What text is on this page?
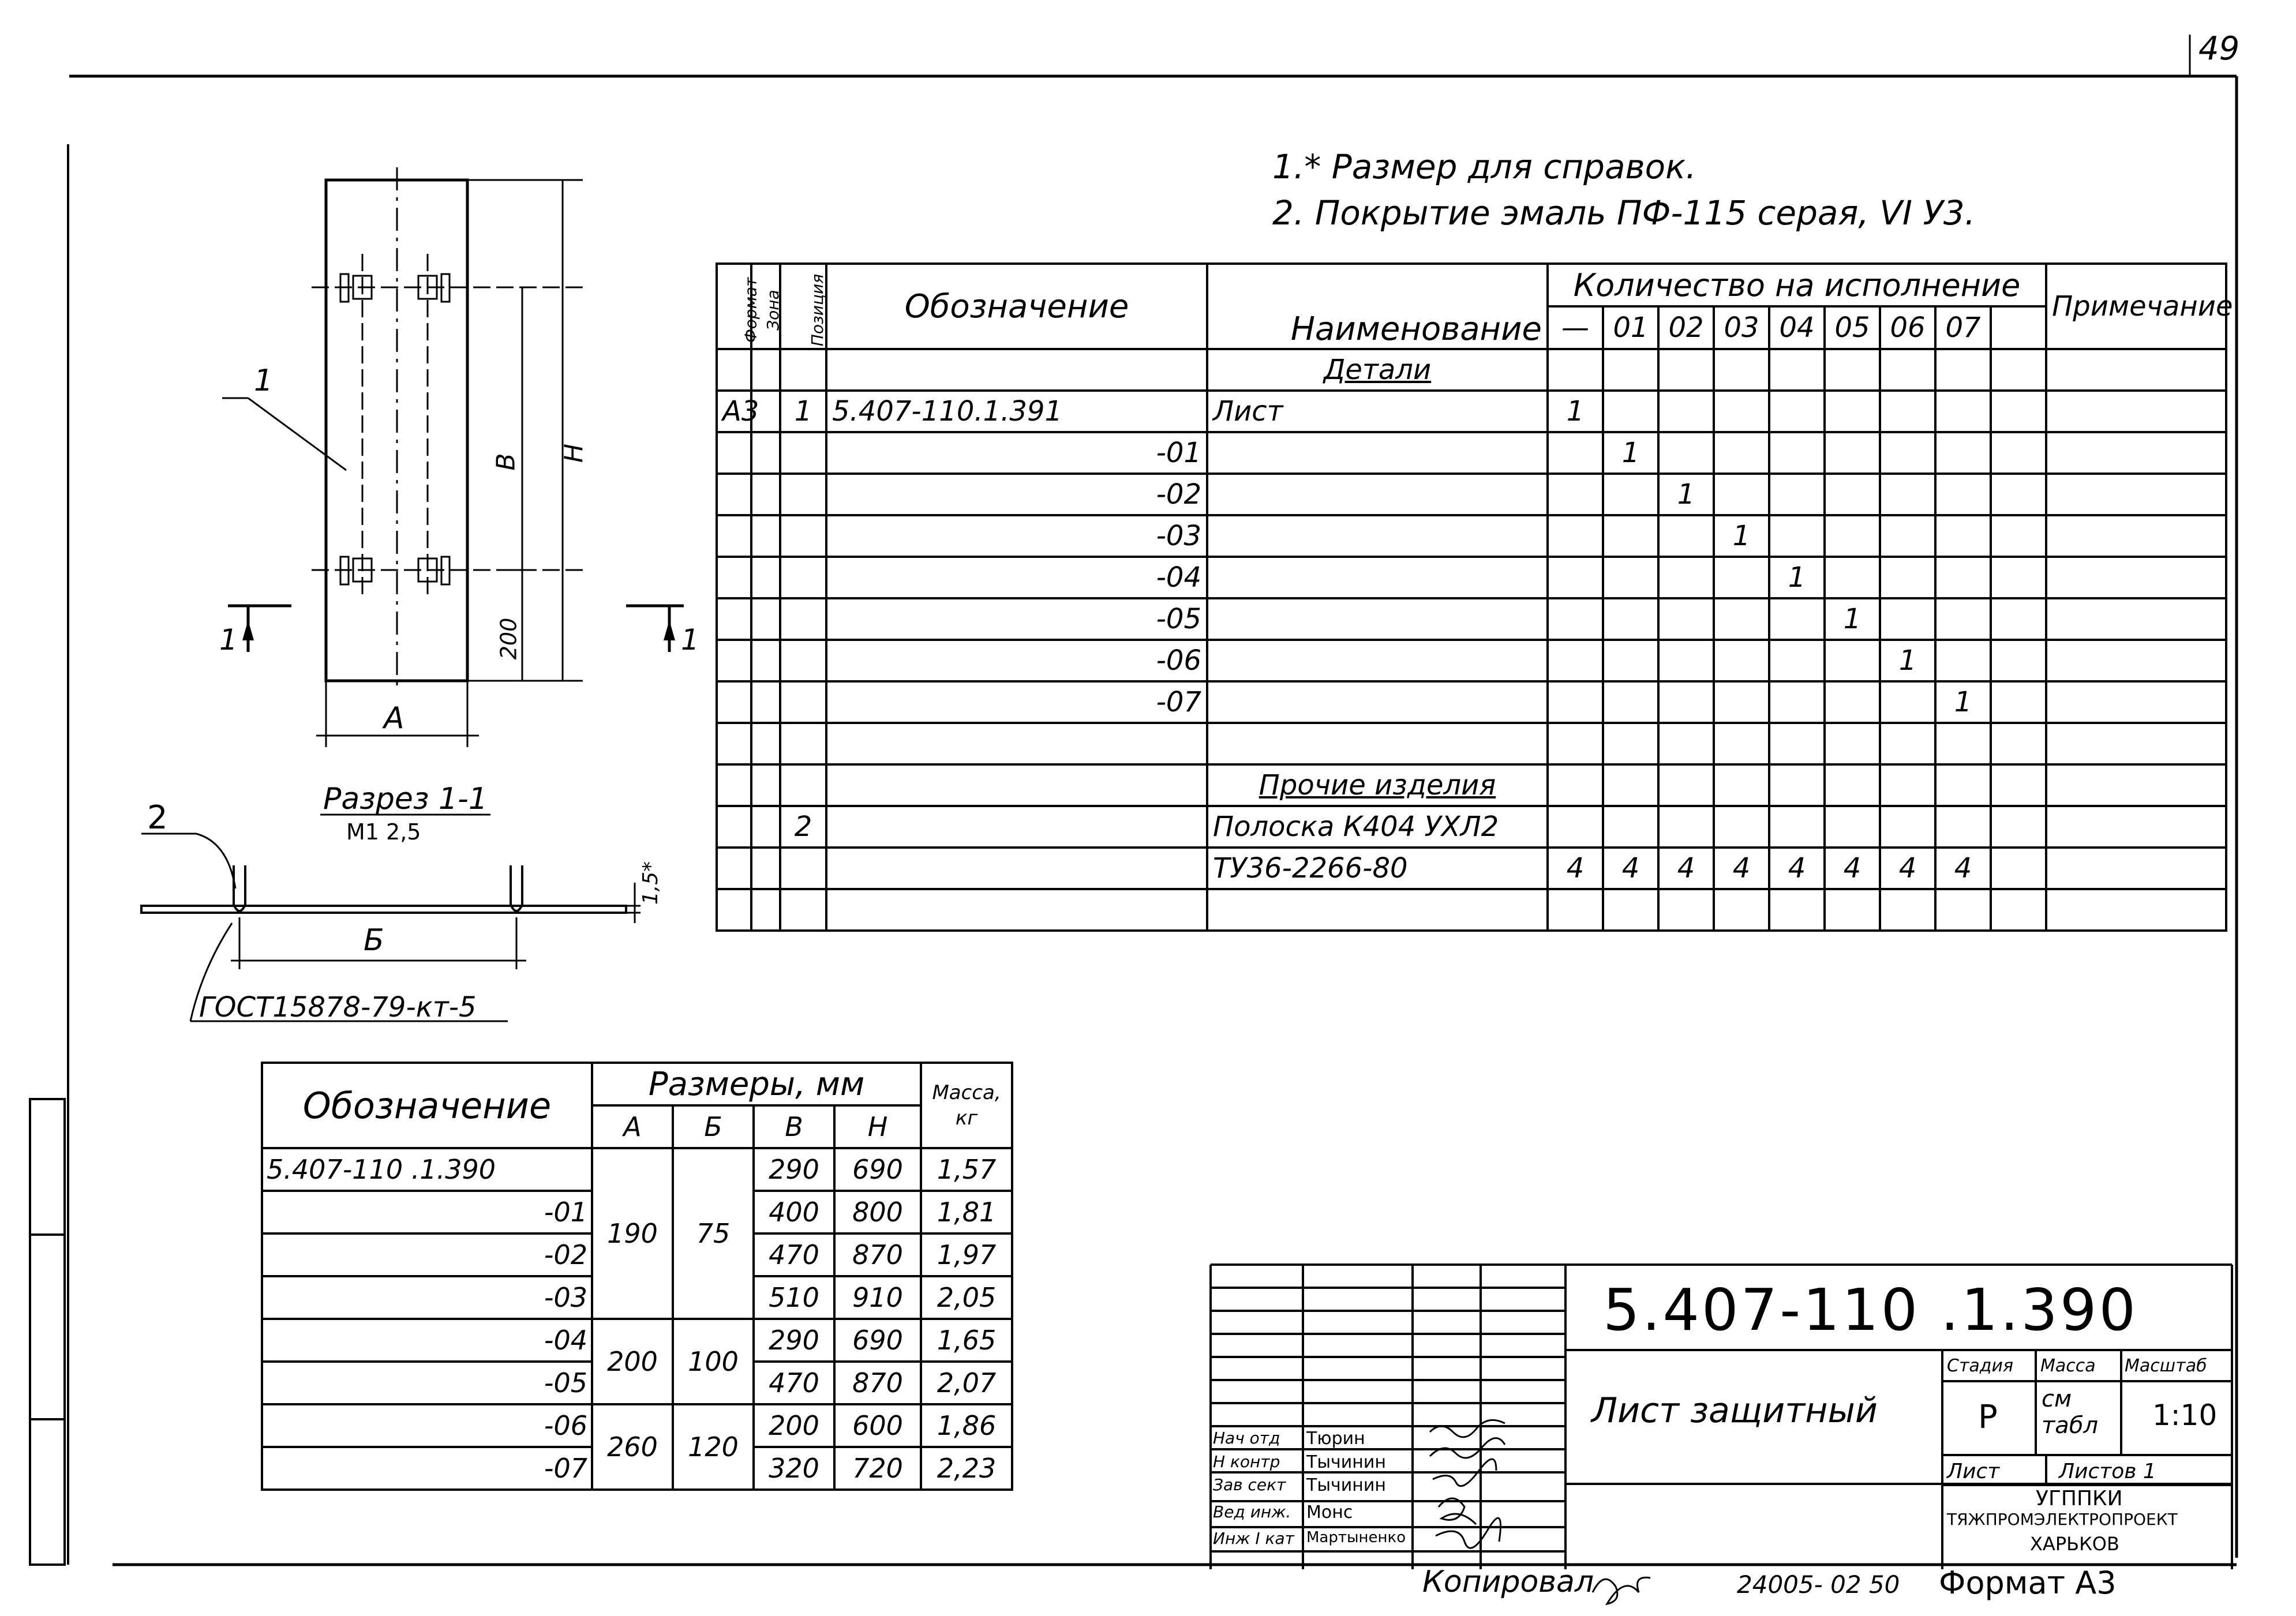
49
1.* Размер для справок.
2. Покрытие эмаль ПФ-115 серая, VI У3.
1
В Н
200
А
1	1
Разрез 1-1
М1 2,5
2
1,5*
Б
ГОСТ15878-79-кт-5
Формат	Зона	Позиция	Обозначение	Наименование	Количество на исполнение									Примечание
					—	01	02	03	04	05	06	07		
				Детали										
А3		1	5.407-110.1.391	Лист	1									
			-01			1								
			-02				1							
			-03					1						
			-04						1					
			-05							1				
			-06								1			
			-07									1		

				Прочие изделия										
		2		Полоска К404 УХЛ2										
				ТУ36-2266-80	4	4	4	4	4	4	4	4		

Обозначение	Размеры, мм				Масса, кг
	А	Б	В	Н	
5.407-110 .1.390	190	75	290	690	1,57
-01			400	800	1,81
-02			470	870	1,97
-03			510	910	2,05
-04	200	100	290	690	1,65
-05			470	870	2,07
-06	260	120	200	600	1,86
-07			320	720	2,23
Нач отд Тюрин
Н контр Тычинин
Зав сект Тычинин
Вед инж. Монс
Инж I кат Мартыненко
5.407-110 .1.390
Лист защитный
Стадия Масса Масштаб
Р см табл	1:10
Лист	Листов 1
УГППКИ
ТЯЖПРОМЭЛЕКТРОПРОЕКТ
ХАРЬКОВ
Копировал	24005- 02 50 Формат А3
